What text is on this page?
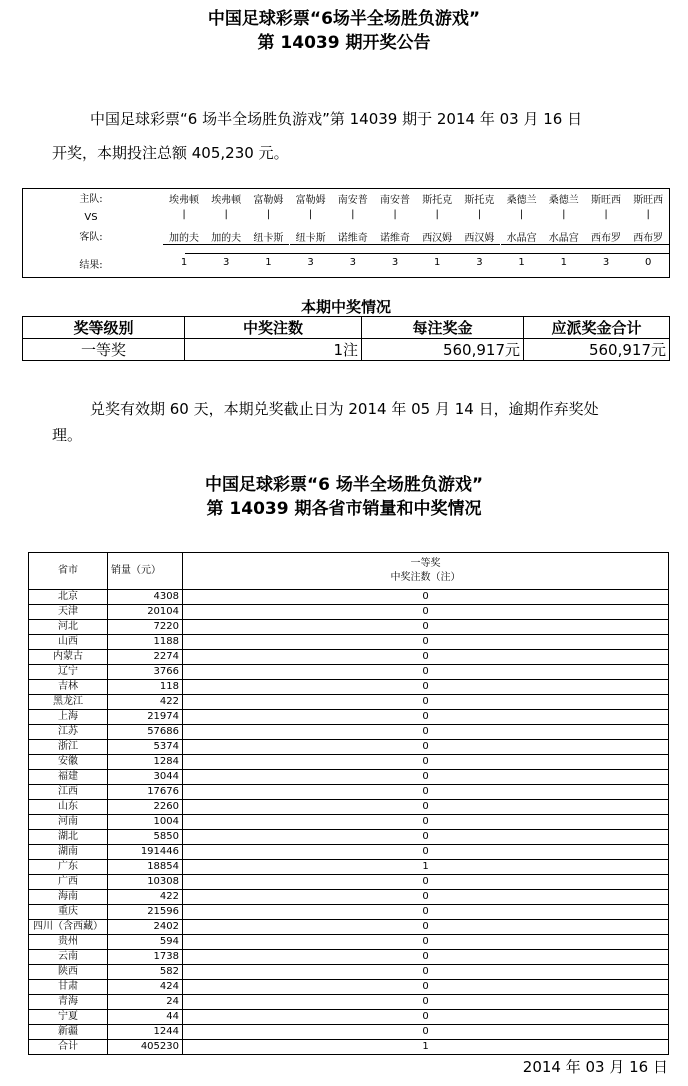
中国足球彩票“6场半全场胜负游戏”
第 14039 期开奖公告
中国足球彩票“6 场半全场胜负游戏”第 14039 期于 2014 年 03 月 16 日
开奖，本期投注总额 405,230 元。
主队:
VS
客队:
结果:
埃弗顿	埃弗顿	富勒姆	富勒姆	南安普	南安普	斯托克	斯托克	桑德兰	桑德兰	斯旺西	斯旺西
|	|	|	|	|	|	|	|	|	|	|	|
加的夫	加的夫	纽卡斯	纽卡斯	诺维奇	诺维奇	西汉姆	西汉姆	水晶宫	水晶宫	西布罗	西布罗
1	3	1	3	3	3	1	3	1	1	3	0
本期中奖情况
奖等级别	中奖注数	每注奖金	应派奖金合计
一等奖	1注	560,917元	560,917元
兑奖有效期 60 天，本期兑奖截止日为 2014 年 05 月 14 日，逾期作弃奖处
理。
中国足球彩票“6 场半全场胜负游戏”
第 14039 期各省市销量和中奖情况
省市	销量（元）	一等奖
中奖注数（注）

北京	4308	0
天津	20104	0
河北	7220	0
山西	1188	0
内蒙古	2274	0
辽宁	3766	0
吉林	118	0
黑龙江	422	0
上海	21974	0
江苏	57686	0
浙江	5374	0
安徽	1284	0
福建	3044	0
江西	17676	0
山东	2260	0
河南	1004	0
湖北	5850	0
湖南	191446	0
广东	18854	1
广西	10308	0
海南	422	0
重庆	21596	0
四川（含西藏）	2402	0
贵州	594	0
云南	1738	0
陕西	582	0
甘肃	424	0
青海	24	0
宁夏	44	0
新疆	1244	0
合计	405230	1
2014 年 03 月 16 日
